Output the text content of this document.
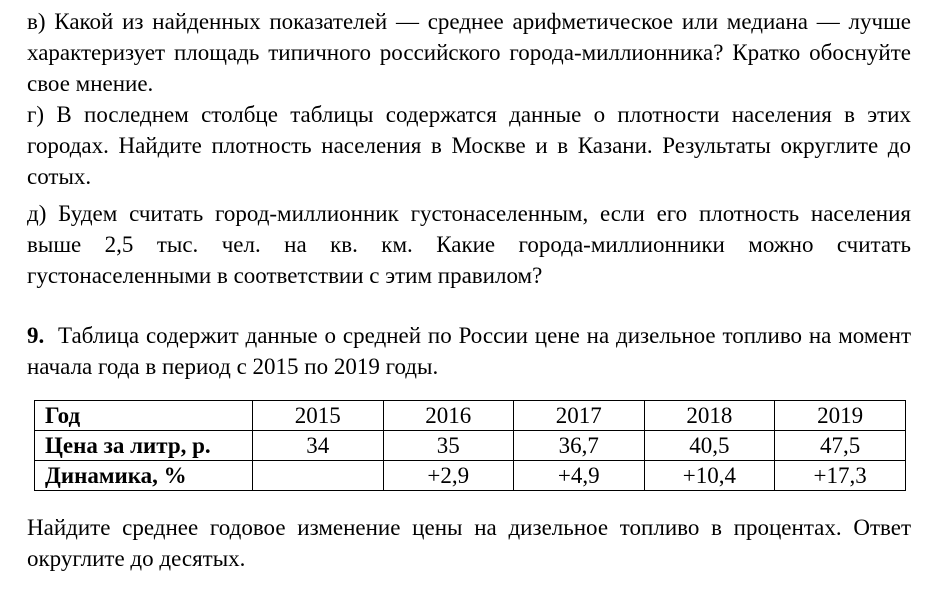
в) Какой из найденных показателей — среднее арифметическое или медиана — лучше характеризует площадь типичного российского города-миллионника? Кратко обоснуйте свое мнение.

г) В последнем столбце таблицы содержатся данные о плотности населения в этих городах. Найдите плотность населения в Москве и в Казани. Результаты округлите до сотых.

д) Будем считать город-миллионник густонаселенным, если его плотность населения выше 2,5 тыс. чел. на кв. км. Какие города-миллионники можно считать густонаселенными в соответствии с этим правилом?

9. Таблица содержит данные о средней по России цене на дизельное топливо на момент начала года в период с 2015 по 2019 годы.

Год	2015	2016	2017	2018	2019
Цена за литр, р.	34	35	36,7	40,5	47,5
Динамика, %		+2,9	+4,9	+10,4	+17,3

Найдите среднее годовое изменение цены на дизельное топливо в процентах. Ответ округлите до десятых.
